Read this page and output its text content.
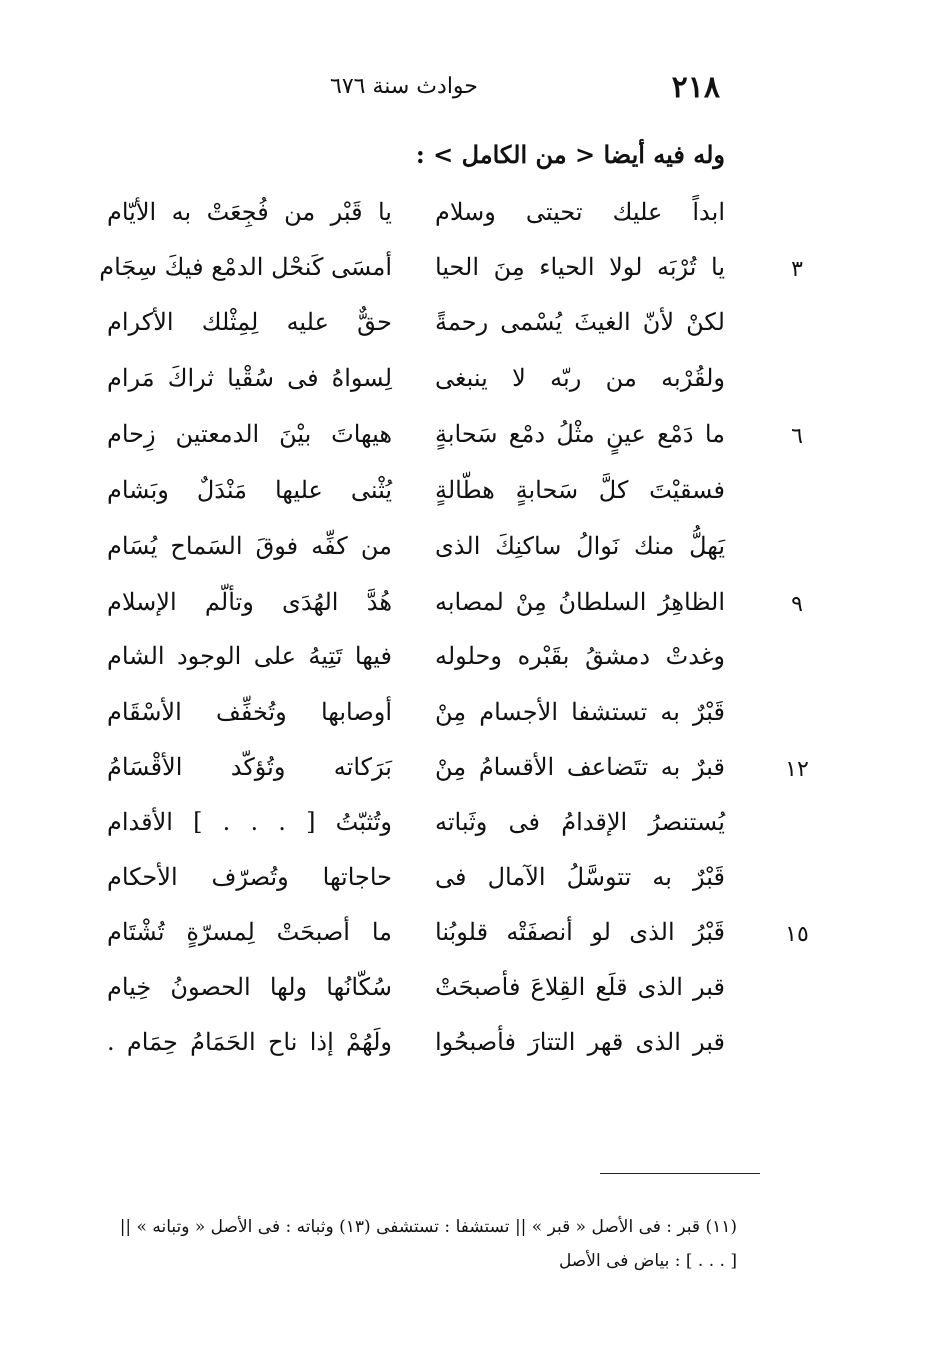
٢١٨
حوادث سنة ٦٧٦
وله فيه أيضا < من الكامل > :
ابداً عليك تحيتى وسلام
يا قَبْر من فُجِعَتْ به الأيّام
٣
يا تُرْبَه لولا الحياء مِنَ الحيا
أمسَى كَنحْل الدمْع فيكَ سِجَام
لكنْ لأنّ الغيثَ يُسْمى رحمةً
حقٌّ عليه لِمِثْلك الأكرام
ولقُرْبه من ربّه لا ينبغى
لِسواهُ فى سُقْيا ثراكَ مَرام
٦
ما دَمْع عينٍ مثْلُ دمْع سَحابةٍ
هيهاتَ بيْنَ الدمعتين زِحام
فسقيْتَ كلَّ سَحابةٍ هطّالةٍ
يُثْنى عليها مَنْدَلٌ وبَشام
يَهلُّ منك نَوالُ ساكنِكَ الذى
من كفِّه فوقَ السَماح يُسَام
٩
الظاهِرُ السلطانُ مِنْ لمصابه
هُدَّ الهُدَى وتألّم الإسلام
وغدتْ دمشقُ بقَبْره وحلوله
فيها تَتِيهُ على الوجود الشام
قَبْرٌ به تستشفا الأجسام مِنْ
أوصابها وتُخفِّف الأسْقَام
١٢
قبرٌ به تتَضاعف الأقسامُ مِنْ
بَرَكاته وتُؤكّد الأقْسَامُ
يُستنصرُ الإقدامُ فى وثَباته
وتُثبّتُ [ . . . ] الأقدام
قَبْرٌ به تتوسَّلُ الآمال فى
حاجاتها وتُصرّف الأحكام
١٥
قَبْرُ الذى لو أنصفَتْه قلوبُنا
ما أصبحَتْ لِمسرّةٍ تُشْتَام
قبر الذى قلَع القِلاعَ فأصبحَتْ
سُكّانُها ولها الحصونُ خِيام
قبر الذى قهر التتارَ فأصبحُوا
ولَهُمْ إذا ناح الحَمَامُ حِمَام .
(١١) قبر : فى الأصل « قبر » || تستشفا : تستشفى (١٣) وثباته : فى الأصل « وتبانه » ||
[ . . . ] : بياض فى الأصل
